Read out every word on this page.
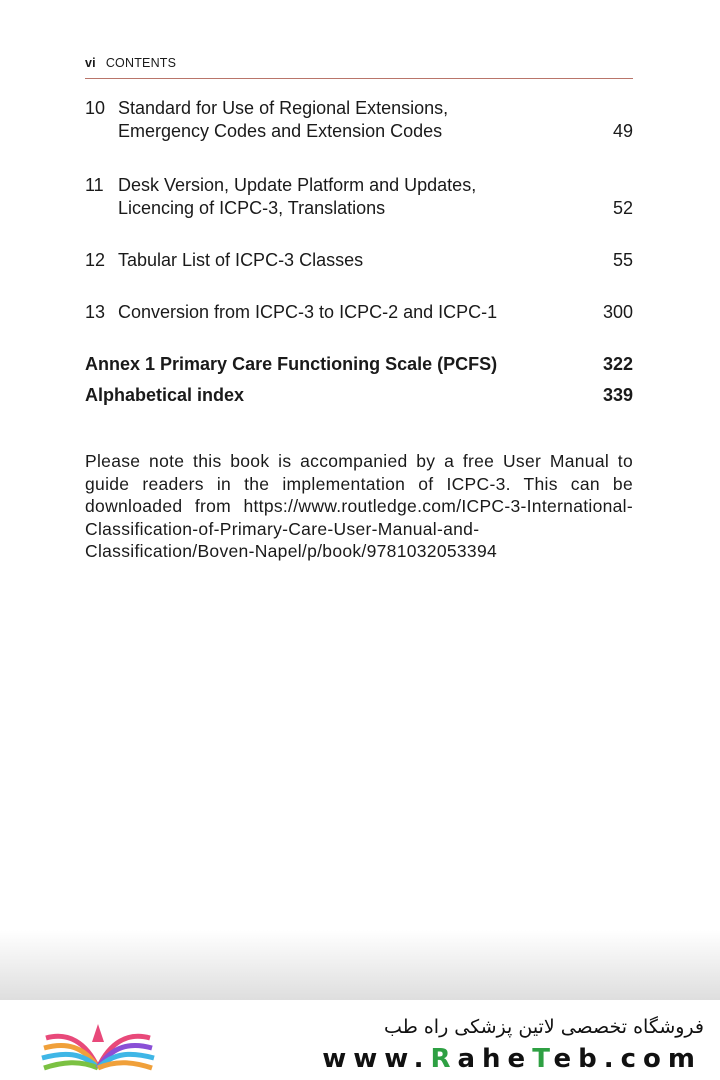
vi CONTENTS
10 Standard for Use of Regional Extensions,
Emergency Codes and Extension Codes	49
11 Desk Version, Update Platform and Updates,
Licencing of ICPC-3, Translations	52
12 Tabular List of ICPC-3 Classes	55
13 Conversion from ICPC-3 to ICPC-2 and ICPC-1	300
Annex 1 Primary Care Functioning Scale (PCFS)	322
Alphabetical index	339
Please note this book is accompanied by a free User Manual to guide readers in the implementation of ICPC-3. This can be downloaded from https://www.routledge.com/ICPC-3-International-Classification-of-Primary-Care-User-Manual-and-Classification/Boven-Napel/p/book/9781032053394
فروشگاه تخصصی لاتین پزشکی راه طب
www.RaheTeb.com
